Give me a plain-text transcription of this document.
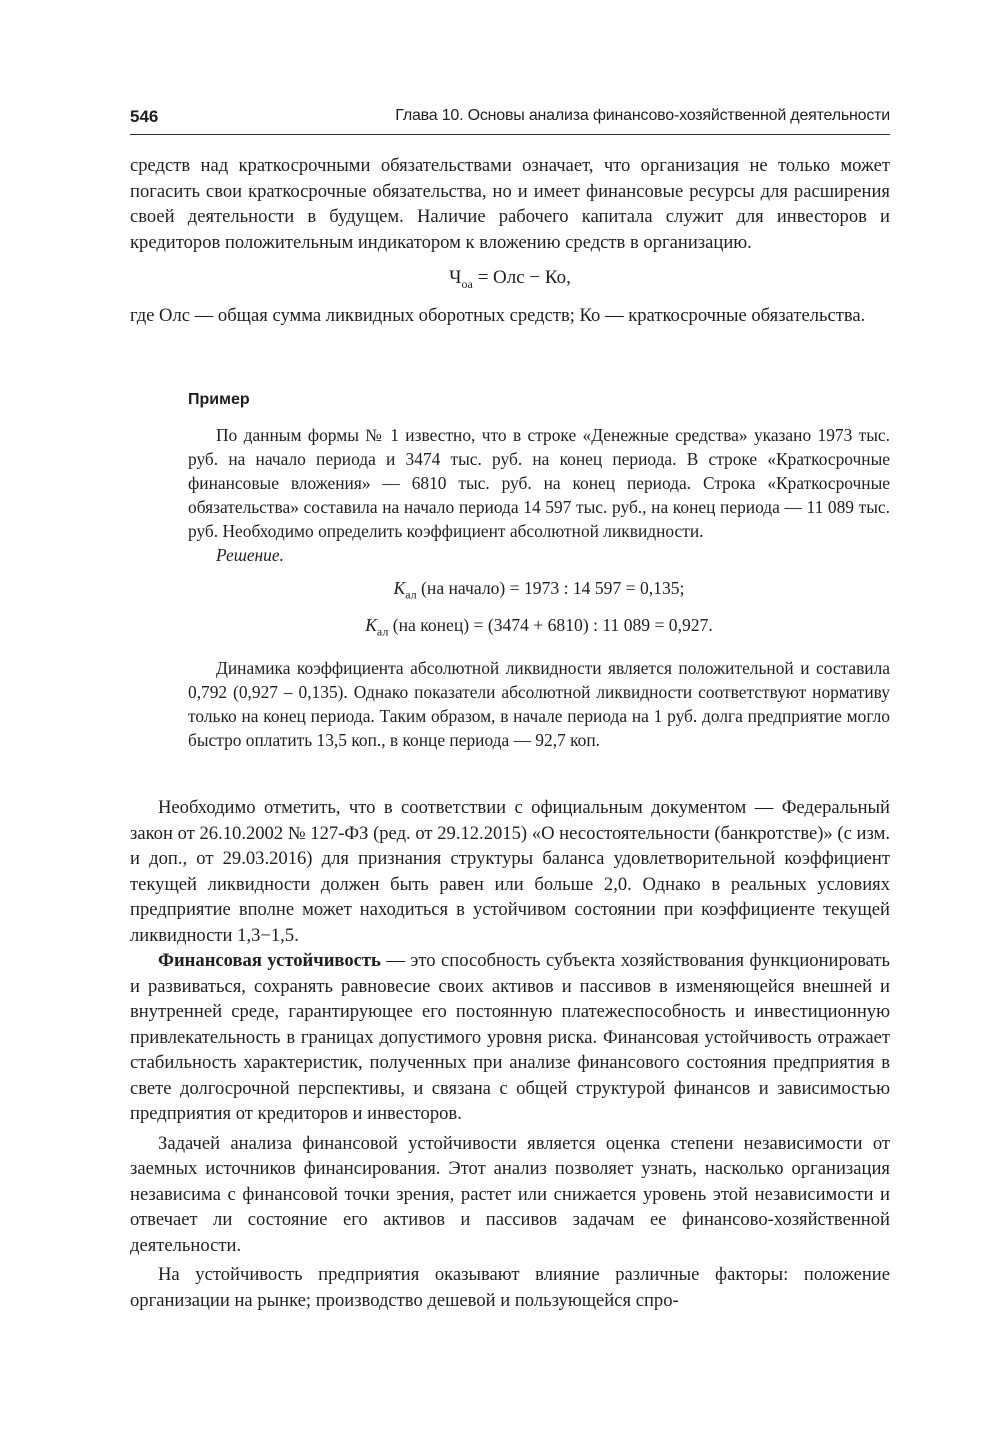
546	Глава 10. Основы анализа финансово-хозяйственной деятельности

средств над краткосрочными обязательствами означает, что организация не только может погасить свои краткосрочные обязательства, но и имеет финансовые ресурсы для расширения своей деятельности в будущем. Наличие рабочего капитала служит для инвесторов и кредиторов положительным индикатором к вложению средств в организацию.

$Ч_{оа}$ = Олс − Ко,

где Олс — общая сумма ликвидных оборотных средств; Ко — краткосрочные обязательства.

Пример

По данным формы № 1 известно, что в строке «Денежные средства» указано 1973 тыс. руб. на начало периода и 3474 тыс. руб. на конец периода. В строке «Краткосрочные финансовые вложения» — 6810 тыс. руб. на конец периода. Строка «Краткосрочные обязательства» составила на начало периода 14 597 тыс. руб., на конец периода — 11 089 тыс. руб. Необходимо определить коэффициент абсолютной ликвидности.

Решение.

$К_{ал}$ (на начало) = 1973 : 14 597 = 0,135;
$К_{ал}$ (на конец) = (3474 + 6810) : 11 089 = 0,927.

Динамика коэффициента абсолютной ликвидности является положительной и составила 0,792 (0,927 – 0,135). Однако показатели абсолютной ликвидности соответствуют нормативу только на конец периода. Таким образом, в начале периода на 1 руб. долга предприятие могло быстро оплатить 13,5 коп., в конце периода — 92,7 коп.

Необходимо отметить, что в соответствии с официальным документом — Федеральный закон от 26.10.2002 № 127-ФЗ (ред. от 29.12.2015) «О несостоятельности (банкротстве)» (с изм. и доп., от 29.03.2016) для признания структуры баланса удовлетворительной коэффициент текущей ликвидности должен быть равен или больше 2,0. Однако в реальных условиях предприятие вполне может находиться в устойчивом состоянии при коэффициенте текущей ликвидности 1,3−1,5.

Финансовая устойчивость — это способность субъекта хозяйствования функционировать и развиваться, сохранять равновесие своих активов и пассивов в изменяющейся внешней и внутренней среде, гарантирующее его постоянную платежеспособность и инвестиционную привлекательность в границах допустимого уровня риска. Финансовая устойчивость отражает стабильность характеристик, полученных при анализе финансового состояния предприятия в свете долгосрочной перспективы, и связана с общей структурой финансов и зависимостью предприятия от кредиторов и инвесторов.

Задачей анализа финансовой устойчивости является оценка степени независимости от заемных источников финансирования. Этот анализ позволяет узнать, насколько организация независима с финансовой точки зрения, растет или снижается уровень этой независимости и отвечает ли состояние его активов и пассивов задачам ее финансово-хозяйственной деятельности.

На устойчивость предприятия оказывают влияние различные факторы: положение организации на рынке; производство дешевой и пользующейся спро-
